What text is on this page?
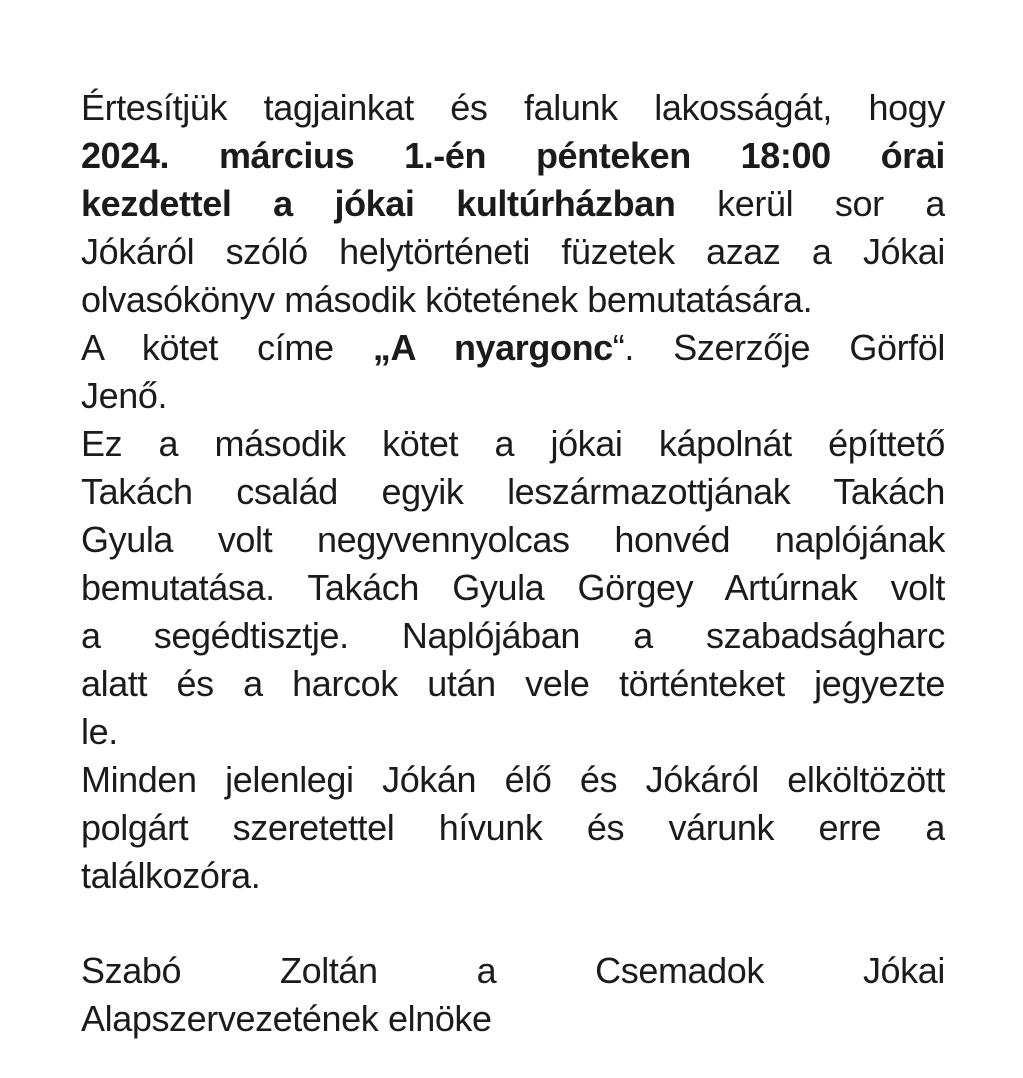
Értesítjük tagjainkat és falunk lakosságát, hogy
2024. március 1.-én pénteken 18:00 órai
kezdettel a jókai kultúrházban kerül sor a
Jókáról szóló helytörténeti füzetek azaz a Jókai
olvasókönyv második kötetének bemutatására.
A kötet címe „A nyargonc“. Szerzője Görföl
Jenő.
Ez a második kötet a jókai kápolnát építtető
Takách család egyik leszármazottjának Takách
Gyula volt negyvennyolcas honvéd naplójának
bemutatása. Takách Gyula Görgey Artúrnak volt
a segédtisztje. Naplójában a szabadságharc
alatt és a harcok után vele történteket jegyezte
le.
Minden jelenlegi Jókán élő és Jókáról elköltözött
polgárt szeretettel hívunk és várunk erre a
találkozóra.
Szabó Zoltán a Csemadok Jókai
Alapszervezetének elnöke
